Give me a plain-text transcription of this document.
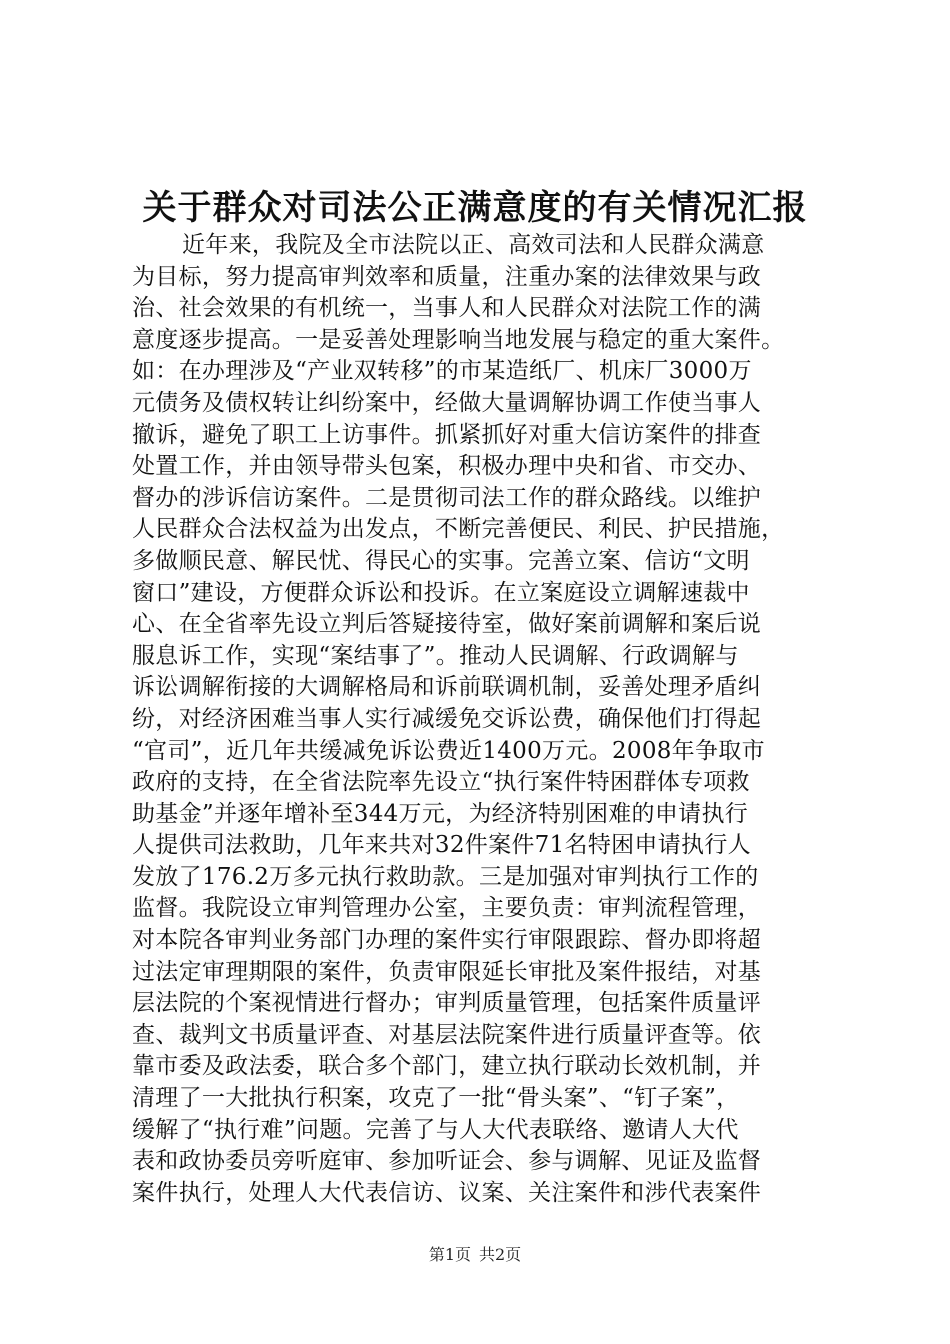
关于群众对司法公正满意度的有关情况汇报
近年来，我院及全市法院以正、高效司法和人民群众满意
为目标，努力提高审判效率和质量，注重办案的法律效果与政
治、社会效果的有机统一，当事人和人民群众对法院工作的满
意度逐步提高。一是妥善处理影响当地发展与稳定的重大案件。
如：在办理涉及“产业双转移”的市某造纸厂、机床厂3000万
元债务及债权转让纠纷案中，经做大量调解协调工作使当事人
撤诉，避免了职工上访事件。抓紧抓好对重大信访案件的排查
处置工作，并由领导带头包案，积极办理中央和省、市交办、
督办的涉诉信访案件。二是贯彻司法工作的群众路线。以维护
人民群众合法权益为出发点，不断完善便民、利民、护民措施，
多做顺民意、解民忧、得民心的实事。完善立案、信访“文明
窗口”建设，方便群众诉讼和投诉。在立案庭设立调解速裁中
心、在全省率先设立判后答疑接待室，做好案前调解和案后说
服息诉工作，实现“案结事了”。推动人民调解、行政调解与
诉讼调解衔接的大调解格局和诉前联调机制，妥善处理矛盾纠
纷，对经济困难当事人实行减缓免交诉讼费，确保他们打得起
“官司”，近几年共缓减免诉讼费近1400万元。2008年争取市
政府的支持，在全省法院率先设立“执行案件特困群体专项救
助基金”并逐年增补至344万元，为经济特别困难的申请执行
人提供司法救助，几年来共对32件案件71名特困申请执行人
发放了176.2万多元执行救助款。三是加强对审判执行工作的
监督。我院设立审判管理办公室，主要负责：审判流程管理，
对本院各审判业务部门办理的案件实行审限跟踪、督办即将超
过法定审理期限的案件，负责审限延长审批及案件报结，对基
层法院的个案视情进行督办；审判质量管理，包括案件质量评
查、裁判文书质量评查、对基层法院案件进行质量评查等。依
靠市委及政法委，联合多个部门，建立执行联动长效机制，并
清理了一大批执行积案，攻克了一批“骨头案”、“钉子案”，
缓解了“执行难”问题。完善了与人大代表联络、邀请人大代
表和政协委员旁听庭审、参加听证会、参与调解、见证及监督
案件执行，处理人大代表信访、议案、关注案件和涉代表案件
第1页 共2页
